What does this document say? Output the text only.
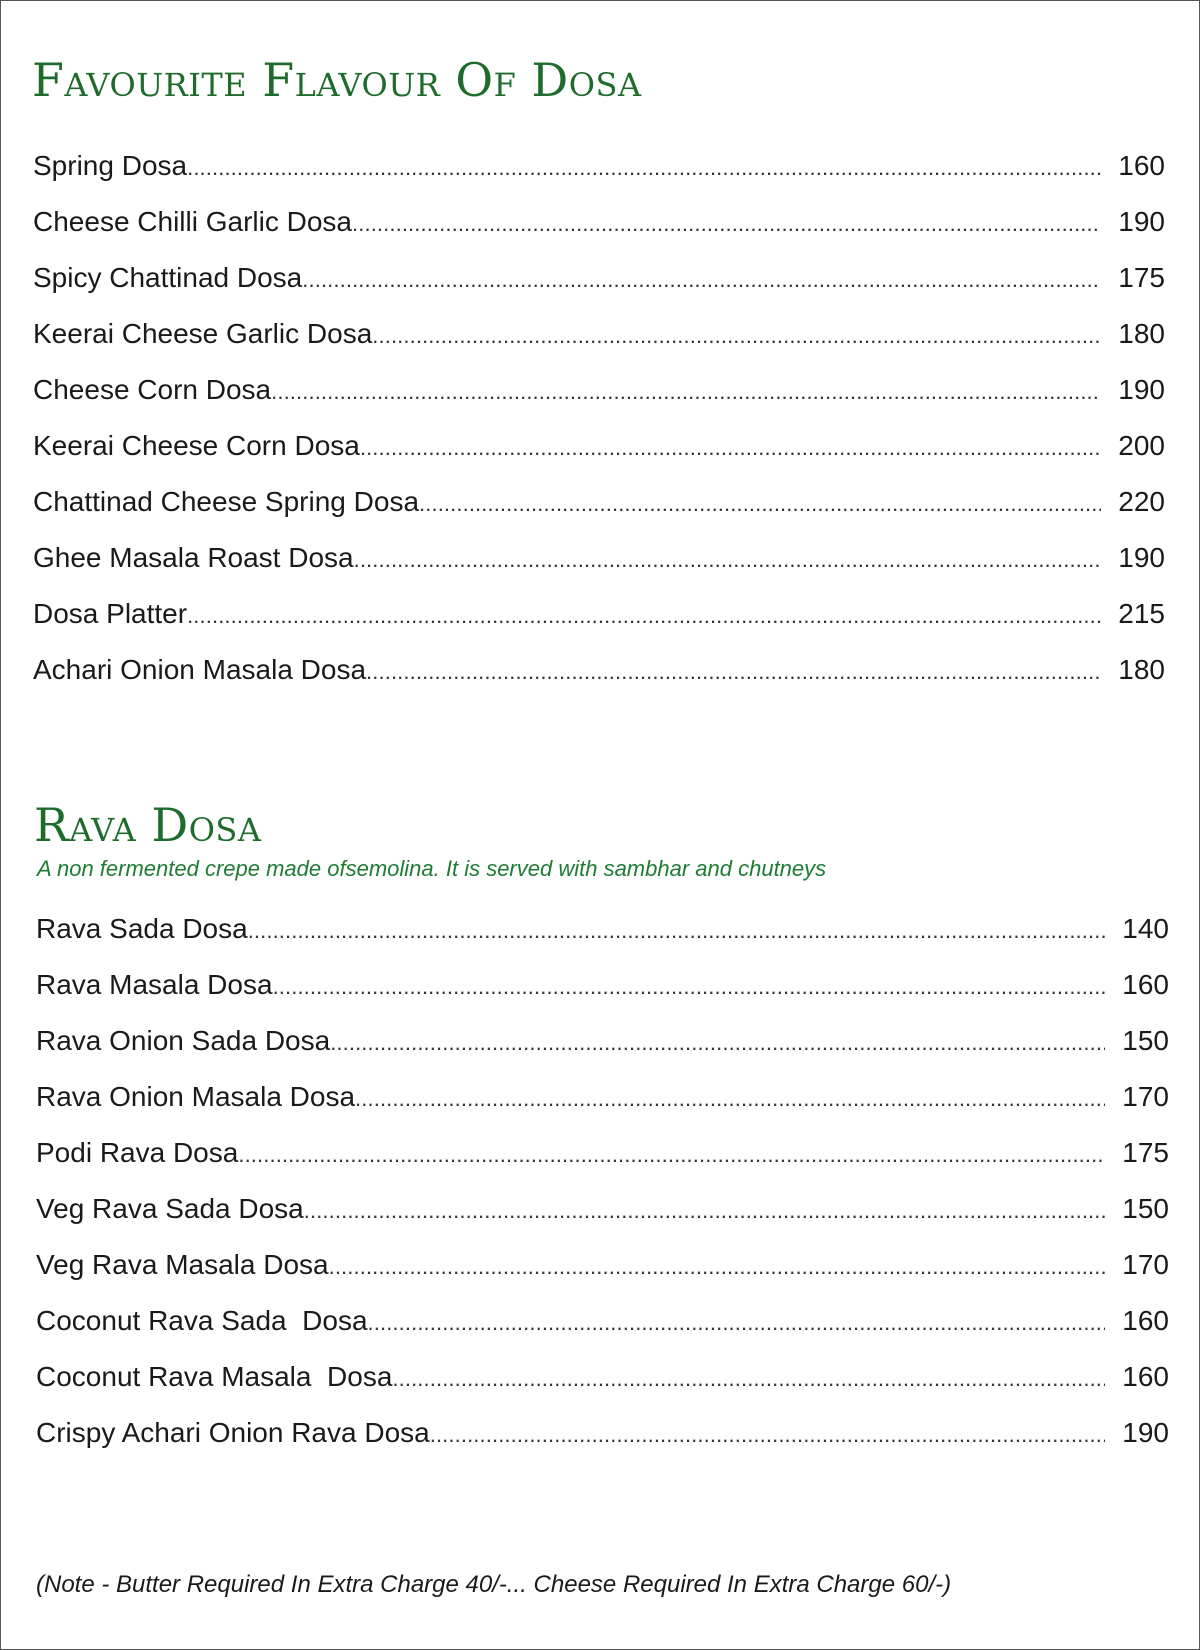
Favourite Flavour Of Dosa
Spring Dosa . . .	160
Cheese Chilli Garlic Dosa . . .	190
Spicy Chattinad Dosa . . .	175
Keerai Cheese Garlic Dosa . . .	180
Cheese Corn Dosa . . .	190
Keerai Cheese Corn Dosa . . .	200
Chattinad Cheese Spring Dosa . . .	220
Ghee Masala Roast Dosa . . .	190
Dosa Platter . . .	215
Achari Onion Masala Dosa . . .	180
Rava Dosa

A non fermented crepe made ofsemolina. It is served with sambhar and chutneys

Rava Sada Dosa . . .	140
Rava Masala Dosa . . .	160
Rava Onion Sada Dosa . . .	150
Rava Onion Masala Dosa . . .	170
Podi Rava Dosa . . .	175
Veg Rava Sada Dosa . . .	150
Veg Rava Masala Dosa . . .	170
Coconut Rava Sada  Dosa . . .	160
Coconut Rava Masala  Dosa . . .	160
Crispy Achari Onion Rava Dosa . . .	190

(Note - Butter Required In Extra Charge 40/-... Cheese Required In Extra Charge 60/-)
